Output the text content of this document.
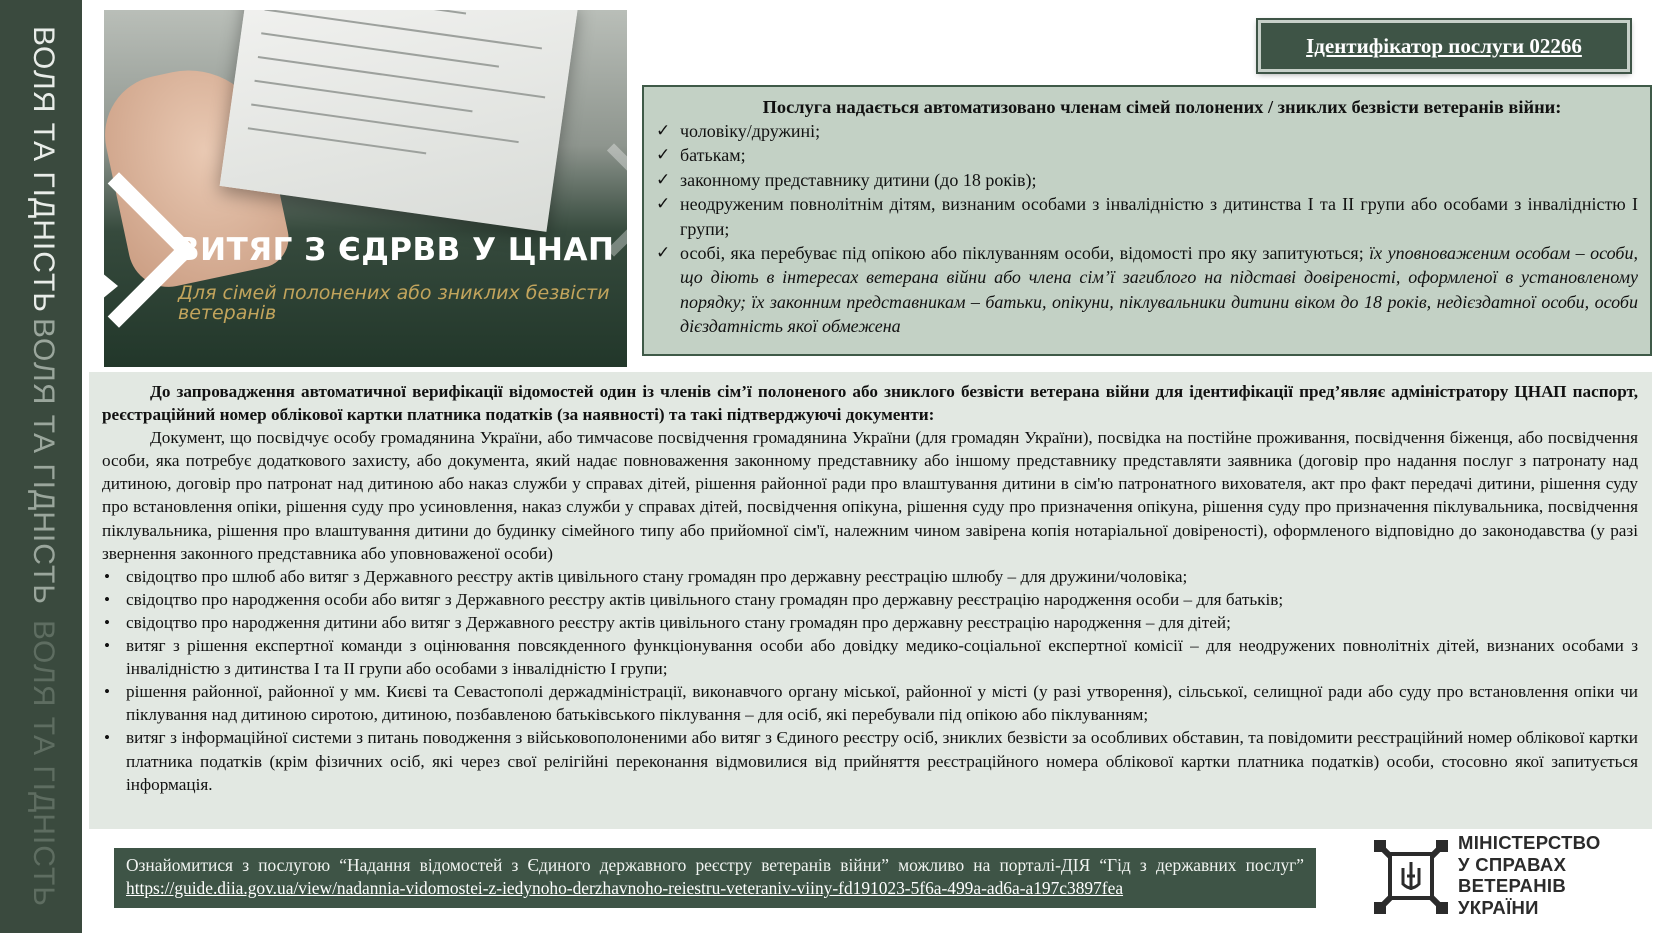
ВОЛЯ ТА ГІДНІСТЬ
ВОЛЯ ТА ГІДНІСТЬ
ВОЛЯ ТА ГІДНІСТЬ
ВИТЯГ З ЄДРВВ У ЦНАП
Для сімей полонених або зниклих безвісти ветеранів
Ідентифікатор послуги 02266
Послуга надається автоматизовано членам сімей полонених / зниклих безвісти ветеранів війни:
✓ чоловіку/дружині;
✓ батькам;
✓ законному представнику дитини (до 18 років);
✓ неодруженим повнолітнім дітям, визнаним особами з інвалідністю з дитинства I та II групи або особами з інвалідністю I групи;
✓ особі, яка перебуває під опікою або піклуванням особи, відомості про яку запитуються; їх уповноваженим особам – особи, що діють в інтересах ветерана війни або члена сім’ї загиблого на підставі довіреності, оформленої в установленому порядку; їх законним представникам – батьки, опікуни, піклувальники дитини віком до 18 років, недієздатної особи, особи дієздатність якої обмежена

До запровадження автоматичної верифікації відомостей один із членів сім’ї полоненого або зниклого безвісти ветерана війни для ідентифікації пред’являє адміністратору ЦНАП паспорт, реєстраційний номер облікової картки платника податків (за наявності) та такі підтверджуючі документи:

Документ, що посвідчує особу громадянина України, або тимчасове посвідчення громадянина України (для громадян України), посвідка на постійне проживання, посвідчення біженця, або посвідчення особи, яка потребує додаткового захисту, або документа, який надає повноваження законному представнику або іншому представнику представляти заявника (договір про надання послуг з патронату над дитиною, договір про патронат над дитиною або наказ служби у справах дітей, рішення районної ради про влаштування дитини в сім'ю патронатного вихователя, акт про факт передачі дитини, рішення суду про встановлення опіки, рішення суду про усиновлення, наказ служби у справах дітей, посвідчення опікуна, рішення суду про призначення опікуна, рішення суду про призначення піклувальника, посвідчення піклувальника, рішення про влаштування дитини до будинку сімейного типу або прийомної сім'ї, належним чином завірена копія нотаріальної довіреності), оформленого відповідно до законодавства (у разі звернення законного представника або уповноваженої особи)

• свідоцтво про шлюб або витяг з Державного реєстру актів цивільного стану громадян про державну реєстрацію шлюбу – для дружини/чоловіка;
• свідоцтво про народження особи або витяг з Державного реєстру актів цивільного стану громадян про державну реєстрацію народження особи – для батьків;
• свідоцтво про народження дитини або витяг з Державного реєстру актів цивільного стану громадян про державну реєстрацію народження – для дітей;
• витяг з рішення експертної команди з оцінювання повсякденного функціонування особи або довідку медико-соціальної експертної комісії – для неодружених повнолітніх дітей, визнаних особами з інвалідністю з дитинства I та II групи або особами з інвалідністю I групи;
• рішення районної, районної у мм. Києві та Севастополі держадміністрації, виконавчого органу міської, районної у місті (у разі утворення), сільської, селищної ради або суду про встановлення опіки чи піклування над дитиною сиротою, дитиною, позбавленою батьківського піклування – для осіб, які перебували під опікою або піклуванням;
• витяг з інформаційної системи з питань поводження з військовополоненими або витяг з Єдиного реєстру осіб, зниклих безвісти за особливих обставин, та повідомити реєстраційний номер облікової картки платника податків (крім фізичних осіб, які через свої релігійні переконання відмовилися від прийняття реєстраційного номера облікової картки платника податків) особи, стосовно якої запитується інформація.
Ознайомитися з послугою “Надання відомостей з Єдиного державного реєстру ветеранів війни” можливо на порталі-ДІЯ “Гід з державних послуг” https://guide.diia.gov.ua/view/nadannia-vidomostei-z-iedynoho-derzhavnoho-reiestru-veteraniv-viiny-fd191023-5f6a-499a-ad6a-a197c3897fea
МІНІСТЕРСТВО
У СПРАВАХ
ВЕТЕРАНІВ
УКРАЇНИ
